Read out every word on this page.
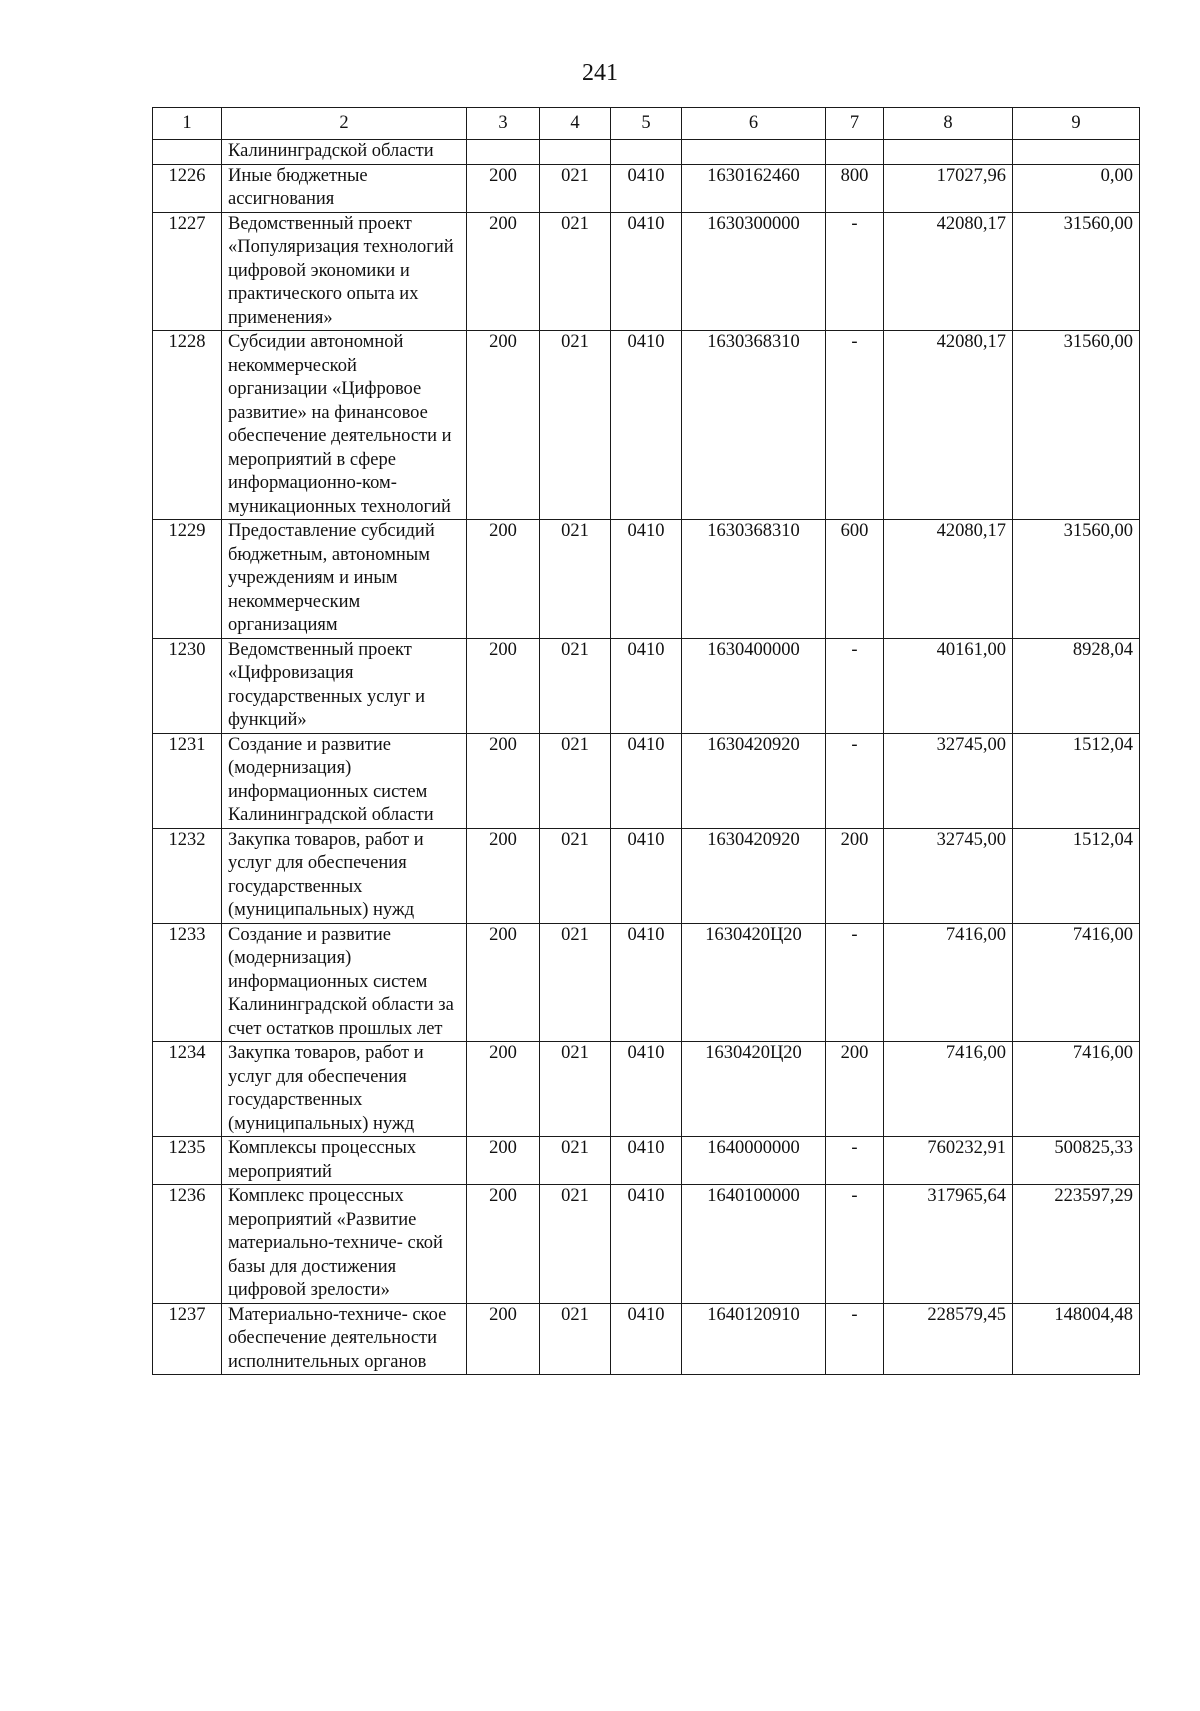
241
1	2	3	4	5	6	7	8	9
	Калининградской области							
1226	Иные бюджетные ассигнования	200	021	0410	1630162460	800	17027,96	0,00
1227	Ведомственный проект «Популяризация технологий цифровой экономики и практического опыта их применения»	200	021	0410	1630300000	-	42080,17	31560,00
1228	Субсидии автономной некоммерческой организации «Цифровое развитие» на финансовое обеспечение деятельности и мероприятий в сфере информационно-ком- муникационных технологий	200	021	0410	1630368310	-	42080,17	31560,00
1229	Предоставление субсидий бюджетным, автономным учреждениям и иным некоммерческим организациям	200	021	0410	1630368310	600	42080,17	31560,00
1230	Ведомственный проект «Цифровизация государственных услуг и функций»	200	021	0410	1630400000	-	40161,00	8928,04
1231	Создание и развитие (модернизация) информационных систем Калининградской области	200	021	0410	1630420920	-	32745,00	1512,04
1232	Закупка товаров, работ и услуг для обеспечения государственных (муниципальных) нужд	200	021	0410	1630420920	200	32745,00	1512,04
1233	Создание и развитие (модернизация) информационных систем Калининградской области за счет остатков прошлых лет	200	021	0410	1630420Ц20	-	7416,00	7416,00
1234	Закупка товаров, работ и услуг для обеспечения государственных (муниципальных) нужд	200	021	0410	1630420Ц20	200	7416,00	7416,00
1235	Комплексы процессных мероприятий	200	021	0410	1640000000	-	760232,91	500825,33
1236	Комплекс процессных мероприятий «Развитие материально-техниче- ской базы для достижения цифровой зрелости»	200	021	0410	1640100000	-	317965,64	223597,29
1237	Материально-техниче- ское обеспечение деятельности исполнительных органов	200	021	0410	1640120910	-	228579,45	148004,48
